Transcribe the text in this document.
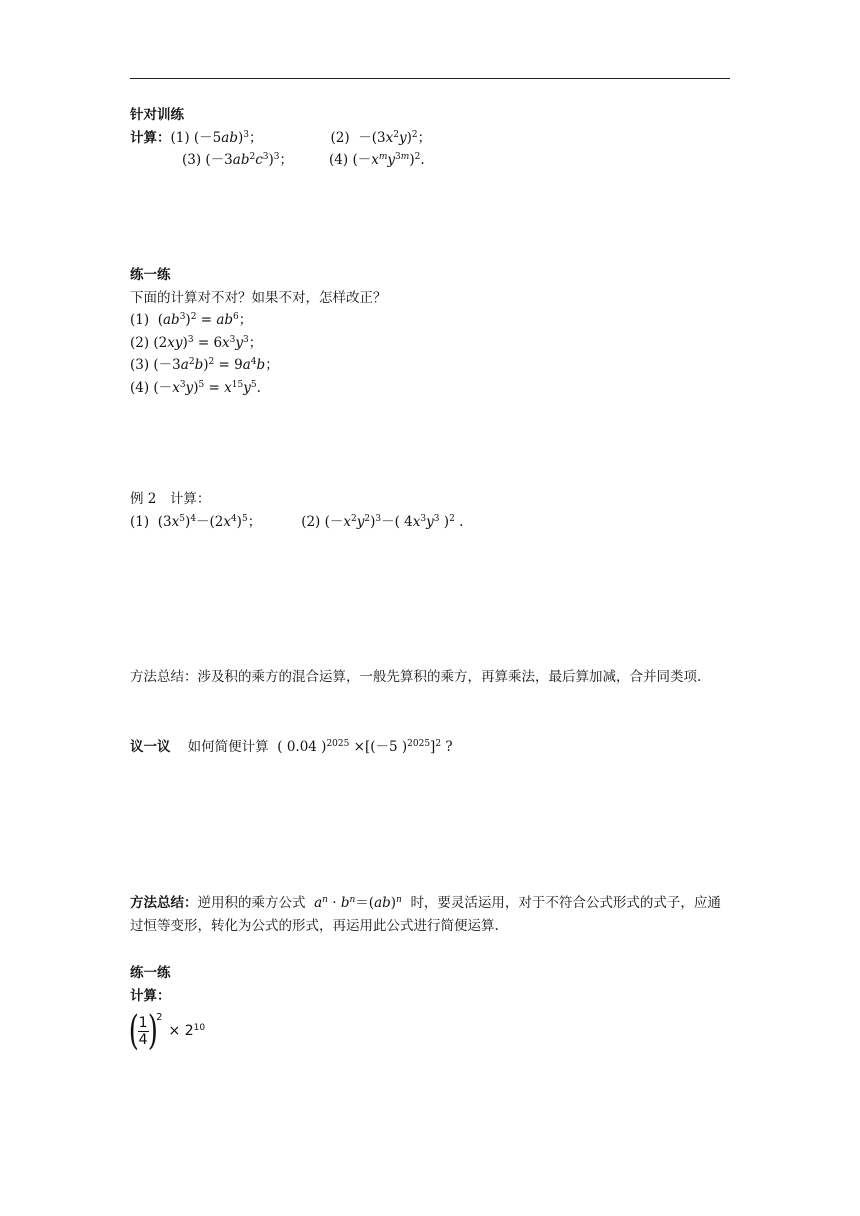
针对训练
计算：(1) $(-5ab)^3$；	$(2) -(3x^2y)^2$；
(3) $(-3ab^2c^3)^3$；	(4) $(-x^my^{3m})^2$.
练一练
下面的计算对不对？如果不对，怎样改正？
(1)  $(ab^3)^2 = ab^6$；
(2) $(2xy)^3 = 6x^3y^3$；
(3) $(-3a^2b)^2 = 9a^4b$；
(4) $(-x^3y)^5 = x^{15}y^5$.
例 2　计算：
(1)  $(3x^5)^4-(2x^4)^5$；	(2) $(-x^2y^2)^3-$( $4x^3y^3$ )$^2$ .
方法总结：涉及积的乘方的混合运算，一般先算积的乘方，再算乘法，最后算加减，合并同类项.
议一议 如何简便计算  ( 0.04 )$^{2025}$ ×[(－5 )$^{2025}$]$^2$ ?
方法总结：逆用积的乘方公式 $a^n \cdot b^n=(ab)^n$ 时，要灵活运用，对于不符合公式形式的式子，应通过恒等变形，转化为公式的形式，再运用此公式进行简便运算.
练一练
计算：
(
$\frac{1}{4}$
)
2
× $2^{10}$
